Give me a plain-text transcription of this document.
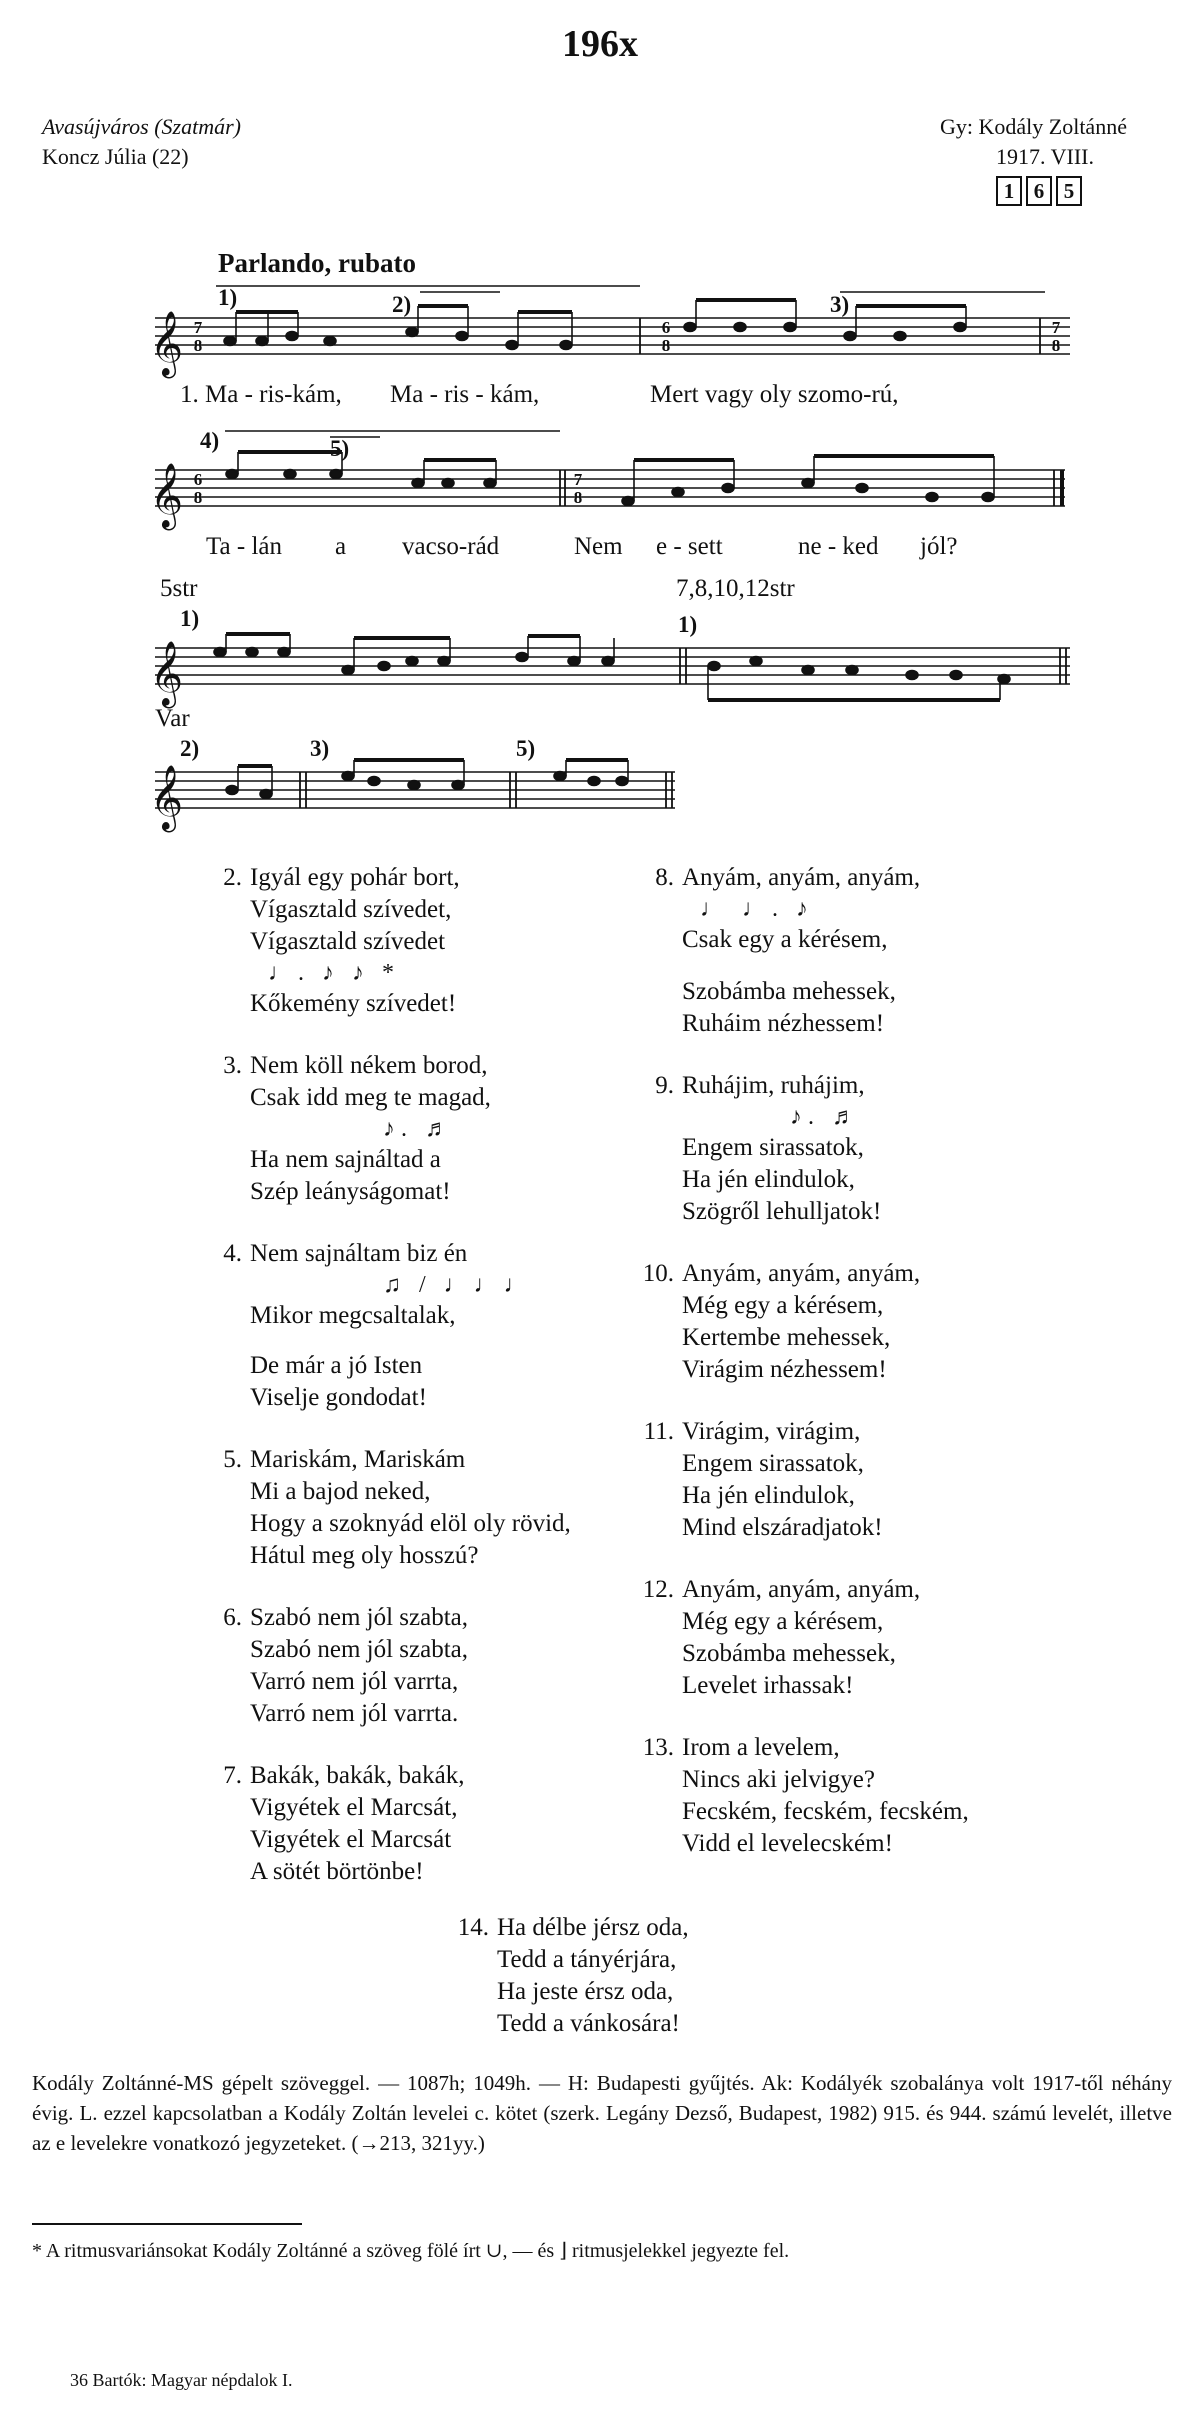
196x
Avasújváros (Szatmár)
Koncz Júlia (22)
Gy: Kodály Zoltánné
1917. VIII.
1 6 5
Parlando, rubato
𝄞
𝄞
𝄞
𝄞
7
8
6
8
7
8
6
8
7
8
1)	2)	3)
4)	5)
1)	1)
2)	3)	5)
5str	7,8,10,12str
Var
1. Ma - ris-kám, Ma - ris - kám,	Mert vagy oly szomo-rú,
Ta - lán a vacso-rád	Nem e - sett	ne - ked jól?
2. Igyál egy pohár bort,
Vígasztald szívedet,
Vígasztald szívedet
♩. ♪ ♪ *
Kőkemény szívedet!
3. Nem köll nékem borod,
Csak idd meg te magad,
♪. ♬
Ha nem sajnáltad a
Szép leányságomat!
4. Nem sajnáltam biz én
♫ / ♩♩♩
Mikor megcsaltalak,
De már a jó Isten
Viselje gondodat!
5. Mariskám, Mariskám
Mi a bajod neked,
Hogy a szoknyád elöl oly rövid,
Hátul meg oly hosszú?
6. Szabó nem jól szabta,
Szabó nem jól szabta,
Varró nem jól varrta,
Varró nem jól varrta.
7. Bakák, bakák, bakák,
Vigyétek el Marcsát,
Vigyétek el Marcsát
A sötét börtönbe!
8. Anyám, anyám, anyám,
♩ ♩. ♪
Csak egy a kérésem,
Szobámba mehessek,
Ruháim nézhessem!
9. Ruhájim, ruhájim,
♪. ♬
Engem sirassatok,
Ha jén elindulok,
Szögről lehulljatok!
10. Anyám, anyám, anyám,
Még egy a kérésem,
Kertembe mehessek,
Virágim nézhessem!
11. Virágim, virágim,
Engem sirassatok,
Ha jén elindulok,
Mind elszáradjatok!
12. Anyám, anyám, anyám,
Még egy a kérésem,
Szobámba mehessek,
Levelet irhassak!
13. Irom a levelem,
Nincs aki jelvigye?
Fecském, fecském, fecském,
Vidd el levelecském!
14. Ha délbe jérsz oda,
Tedd a tányérjára,
Ha jeste érsz oda,
Tedd a vánkosára!
Kodály Zoltánné-MS gépelt szöveggel. — 1087h; 1049h. — H: Budapesti gyűjtés. Ak: Kodályék szobalánya volt 1917-től néhány évig. L. ezzel kapcsolatban a Kodály Zoltán levelei c. kötet (szerk. Legány Dezső, Budapest, 1982) 915. és 944. számú levelét, illetve az e levelekre vonatkozó jegyzeteket. (→213, 321yy.)
* A ritmusvariánsokat Kodály Zoltánné a szöveg fölé írt ∪, — és ⌋ ritmusjelekkel jegyezte fel.
36 Bartók: Magyar népdalok I.
